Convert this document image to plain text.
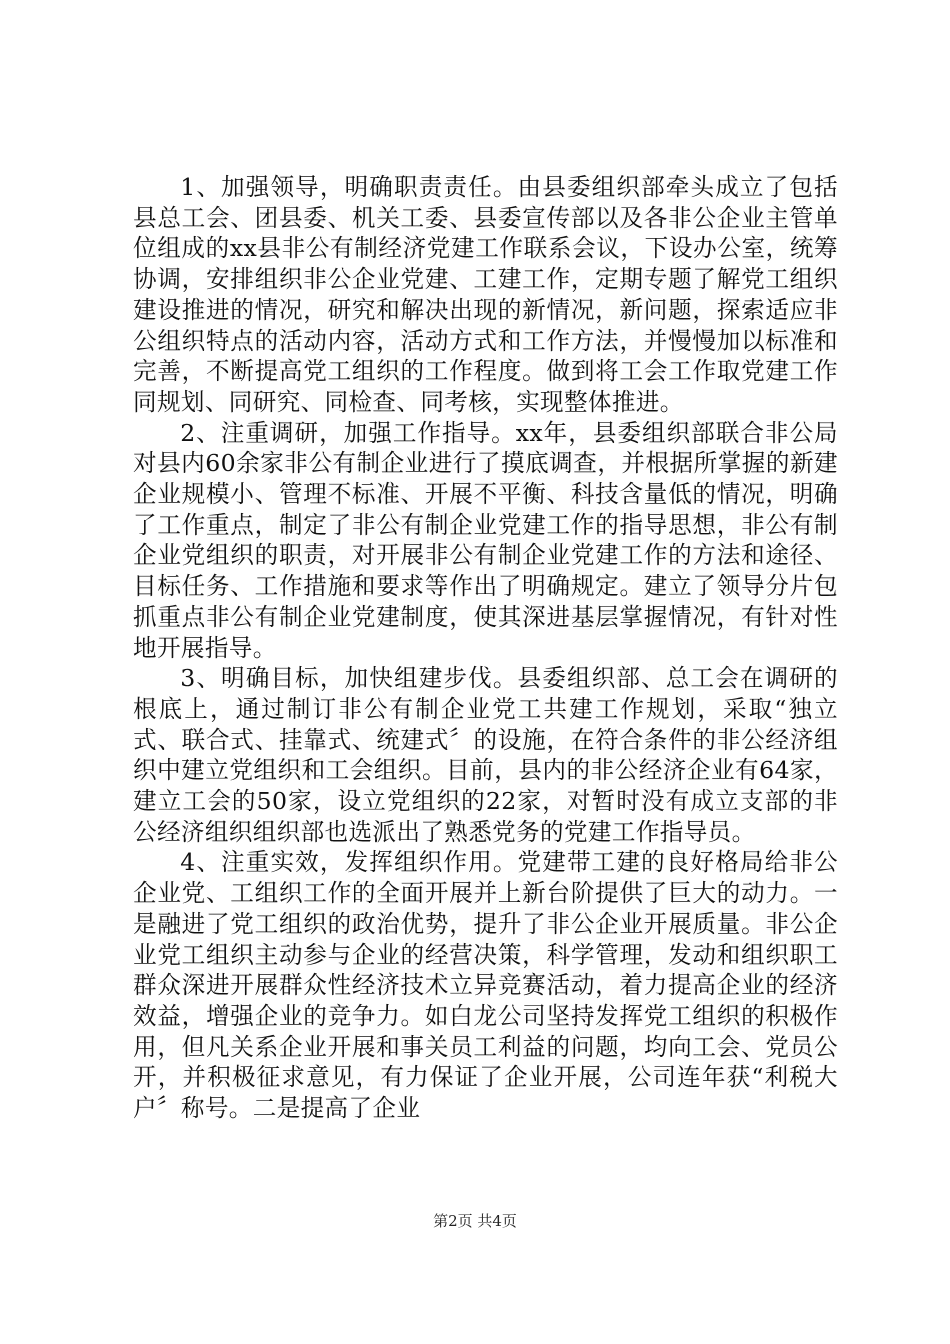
1、加强领导，明确职责责任。由县委组织部牵头成立了包括县总工会、团县委、机关工委、县委宣传部以及各非公企业主管单位组成的xx县非公有制经济党建工作联系会议，下设办公室，统筹协调，安排组织非公企业党建、工建工作，定期专题了解党工组织建设推进的情况，研究和解决出现的新情况，新问题，探索适应非公组织特点的活动内容，活动方式和工作方法，并慢慢加以标准和完善，不断提高党工组织的工作程度。做到将工会工作取党建工作同规划、同研究、同检查、同考核，实现整体推进。

2、注重调研，加强工作指导。xx年，县委组织部联合非公局对县内60余家非公有制企业进行了摸底调查，并根据所掌握的新建企业规模小、管理不标准、开展不平衡、科技含量低的情况，明确了工作重点，制定了非公有制企业党建工作的指导思想，非公有制企业党组织的职责，对开展非公有制企业党建工作的方法和途径、目标任务、工作措施和要求等作出了明确规定。建立了领导分片包抓重点非公有制企业党建制度，使其深进基层掌握情况，有针对性地开展指导。

3、明确目标，加快组建步伐。县委组织部、总工会在调研的根底上，通过制订非公有制企业党工共建工作规划，采取“独立式、联合式、挂靠式、统建式〞的设施，在符合条件的非公经济组织中建立党组织和工会组织。目前，县内的非公经济企业有64家，建立工会的50家，设立党组织的22家，对暂时没有成立支部的非公经济组织组织部也选派出了熟悉党务的党建工作指导员。

4、注重实效，发挥组织作用。党建带工建的良好格局给非公企业党、工组织工作的全面开展并上新台阶提供了巨大的动力。一是融进了党工组织的政治优势，提升了非公企业开展质量。非公企业党工组织主动参与企业的经营决策，科学管理，发动和组织职工群众深进开展群众性经济技术立异竞赛活动，着力提高企业的经济效益，增强企业的竞争力。如白龙公司坚持发挥党工组织的积极作用，但凡关系企业开展和事关员工利益的问题，均向工会、党员公开，并积极征求意见，有力保证了企业开展，公司连年获“利税大户〞称号。二是提高了企业

第2页 共4页
